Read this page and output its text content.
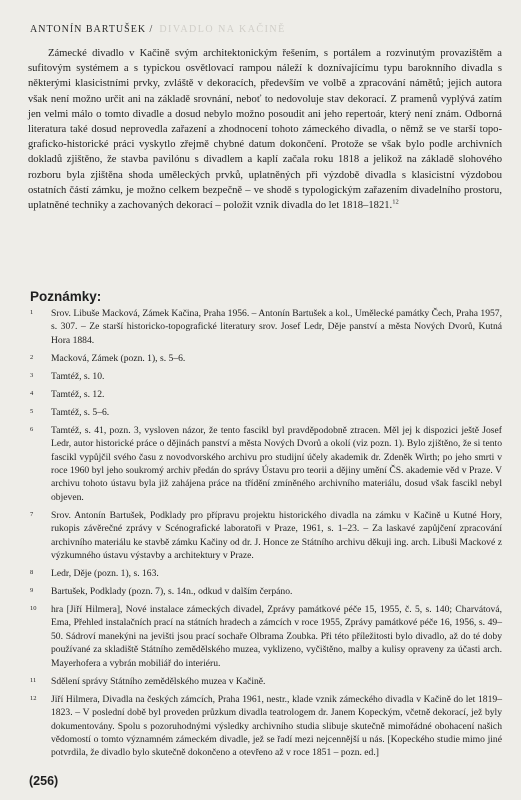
ANTONÍN BARTUŠEK / DIVADLO NA KAČINĚ

Zámecké divadlo v Kačině svým architektonickým řešením, s portálem a rozvinutým provazištěm a sufitovým systémem a s typickou osvětlovací rampou náleží k doznívajícímu typu baroknního divadla s některými klasicistními prvky, zvláště v dekoracích, především ve volbě a zpracování námětů; jejich autora však není možno určit ani na základě srovnání, neboť to nedovoluje stav dekorací. Z pramenů vyplývá zatím jen velmi málo o tomto divadle a dosud nebylo možno posoudit ani jeho repertoár, který není znám. Odborná literatura také dosud neprovedla zařazení a zhodnocení tohoto zámeckého divadla, o němž se ve starší topograficko-historické práci vyskytlo zřejmě chybné datum dokončení. Protože se však bylo podle archivních dokladů zjištěno, že stavba pavilónu s divadlem a kaplí začala roku 1818 a jelikož na základě slohového rozboru byla zjištěna shoda uměleckých prvků, uplatněných při výzdobě divadla s klasicistní výzdobou ostatních částí zámku, je možno celkem bezpečně – ve shodě s typologickým zařazením divadelního prostoru, uplatněné techniky a zachovaných dekorací – položit vznik divadla do let 1818–1821.12

Poznámky:
1 Srov. Libuše Macková, Zámek Kačina, Praha 1956. – Antonín Bartušek a kol., Umělecké památky Čech, Praha 1957, s. 307. – Ze starší historicko-topografické literatury srov. Josef Ledr, Děje panství a města Nových Dvorů, Kutná Hora 1884.
2 Macková, Zámek (pozn. 1), s. 5–6.
3 Tamtéž, s. 10.
4 Tamtéž, s. 12.
5 Tamtéž, s. 5–6.
6 Tamtéž, s. 41, pozn. 3, vysloven názor, že tento fascikl byl pravděpodobně ztracen. Měl jej k dispozici ještě Josef Ledr, autor historické práce o dějinách panství a města Nových Dvorů a okolí (viz pozn. 1). Bylo zjištěno, že si tento fascikl vypůjčil svého času z novodvorského archivu pro studijní účely akademik dr. Zdeněk Wirth; po jeho smrti v roce 1960 byl jeho soukromý archiv předán do správy Ústavu pro teorii a dějiny umění ČS. akademie věd v Praze. V archivu tohoto ústavu byla již zahájena práce na třídění zmíněného archivního materiálu, dosud však fascikl nebyl objeven.
7 Srov. Antonín Bartušek, Podklady pro přípravu projektu historického divadla na zámku v Kačině u Kutné Hory, rukopis závěrečné zprávy v Scénografické laboratoři v Praze, 1961, s. 1–23. – Za laskavé zapůjčení zpracování archivního materiálu ke stavbě zámku Kačiny od dr. J. Honce ze Státního archivu děkuji ing. arch. Libuši Mackové z výzkumného ústavu výstavby a architektury v Praze.
8 Ledr, Děje (pozn. 1), s. 163.
9 Bartušek, Podklady (pozn. 7), s. 14n., odkud v dalším čerpáno.
10 hra [Jiří Hilmera], Nové instalace zámeckých divadel, Zprávy památkové péče 15, 1955, č. 5, s. 140; Charvátová, Ema, Přehled instalačních prací na státních hradech a zámcích v roce 1955, Zprávy památkové péče 16, 1956, s. 49–50. Sádroví manekýni na jevišti jsou prací sochaře Olbrama Zoubka. Při této příležitosti bylo divadlo, až do té doby používané za skladiště Státního zemědělského muzea, vyklizeno, vyčištěno, malby a kulisy opraveny za účasti arch. Mayerhofera a vybrán mobiliář do interiéru.
11 Sdělení správy Státního zemědělského muzea v Kačině.
12 Jiří Hilmera, Divadla na českých zámcích, Praha 1961, nestr., klade vznik zámeckého divadla v Kačině do let 1819–1823. – V poslední době byl proveden průzkum divadla teatrologem dr. Janem Kopeckým, včetně dekorací, jež byly dokumentovány. Spolu s pozoruhodnými výsledky archivního studia slibuje skutečně mimořádné obohacení našich vědomostí o tomto významném zámeckém divadle, jež se řadí mezi nejcennější u nás. [Kopeckého studie mimo jiné potvrdila, že divadlo bylo skutečně dokončeno a otevřeno až v roce 1851 – pozn. ed.]
(256)
